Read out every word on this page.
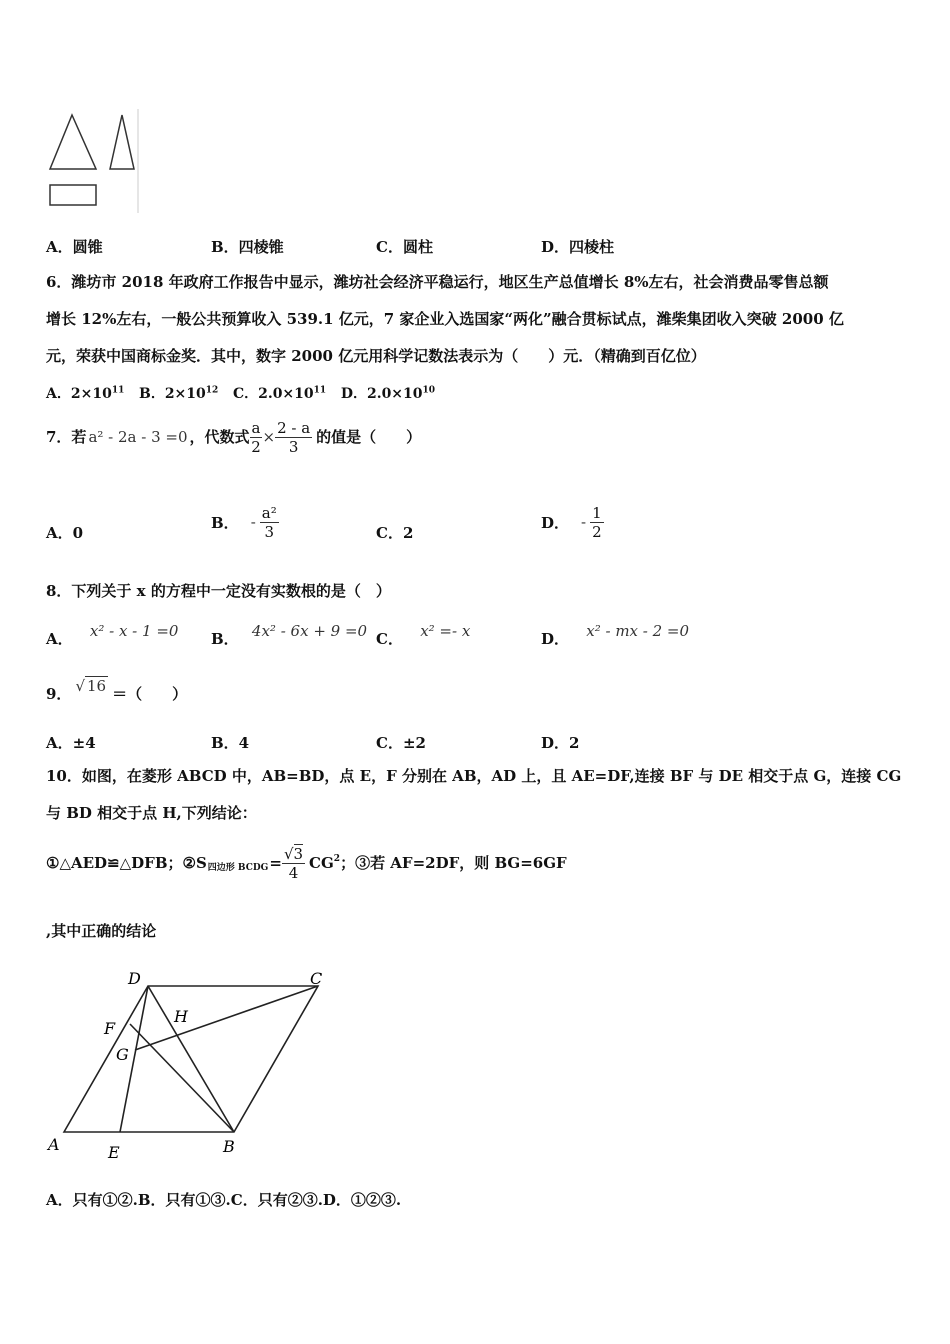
A．圆锥	B．四棱锥	C．圆柱	D．四棱柱
6．潍坊市 2018 年政府工作报告中显示，潍坊社会经济平稳运行，地区生产总值增长 8%左右，社会消费品零售总额
增长 12%左右，一般公共预算收入 539.1 亿元，7 家企业入选国家“两化”融合贯标试点，潍柴集团收入突破 2000 亿
元，荣获中国商标金奖．其中，数字 2000 亿元用科学记数法表示为（　　）元．（精确到百亿位）
A．$2\times 10^{11}$ B．$2\times 10^{12}$ C．$2.0\times 10^{11}$ D．$2.0\times 10^{10}$
7．若 a² - 2a - 3 =0 ，代数式 $\frac{a}{2} \times \frac{2 - a}{3}$ 的值是（　　）
A．0
B． - $\frac{\text{a²}}{3}$	C．2
D． - $\frac{1}{2}$
8．下列关于 x 的方程中一定没有实数根的是（　）
A． x² - x - 1 =0 B． 4x² - 6x + 9 =0 C． x² =- x	D． x² - mx - 2 =0
9． √ 16 ＝（　　）
A．±4	B．4	C．±2	D．2
10．如图，在菱形 ABCD 中，AB=BD，点 E，F 分别在 AB，AD 上，且 AE=DF,连接 BF 与 DE 相交于点 G，连接 CG
与 BD 相交于点 H,下列结论：
①△AED≌△DFB；②S 四边形 BCDG = $\frac{√3}{4} CG^2$ ；③若 AF=2DF，则 BG=6GF
,其中正确的结论
D	C
F
H
G
A	E	B
A．只有①②.B．只有①③.C．只有②③.D．①②③.
